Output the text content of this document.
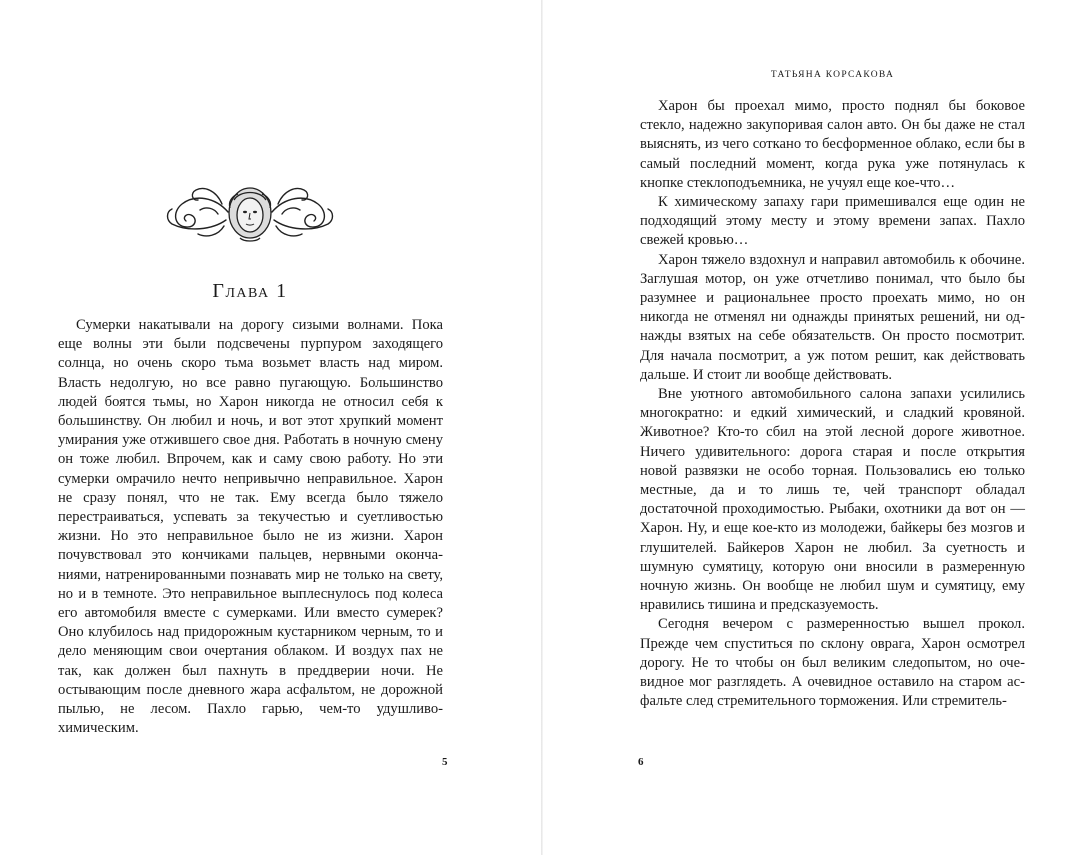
Глава 1

Сумерки накатывали на дорогу сизыми волнами. Пока еще волны эти были подсвечены пурпуром заходящего солнца, но очень скоро тьма возьмет власть над миром. Власть недолгую, но все равно пугающую. Большинство людей боятся тьмы, но Харон никогда не относил себя к большинству. Он любил и ночь, и вот этот хрупкий момент умирания уже отжившего свое дня. Работать в ночную смену он тоже любил. Впрочем, как и саму свою работу. Но эти сумерки омрачило нечто непривычно неправильное. Харон не сразу понял, что не так. Ему всегда было тяжело перестраиваться, успевать за текучестью и суетливостью жизни. Но это неправильное было не из жизни. Харон почувствовал это кончиками пальцев, нервными окончаниями, натренированными познавать мир не только на свету, но и в темноте. Это неправильное выплеснулось под колеса его автомобиля вместе с сумерками. Или вместо сумерек? Оно клубилось над придорожным кустарником черным, то и дело меняющим свои очертания облаком. И воздух пах не так, как должен был пахнуть в преддверии ночи. Не остывающим после дневного жара асфальтом, не дорожной пылью, не лесом. Пахло гарью, чем-то удушливо-химическим.

5
ТАТЬЯНА КОРСАКОВА

Харон бы проехал мимо, просто поднял бы боковое стекло, надежно закупоривая салон авто. Он бы даже не стал выяснять, из чего соткано то бесформенное облако, если бы в самый последний момент, когда рука уже потянулась к кнопке стеклоподъемника, не учуял еще кое-что…

К химическому запаху гари примешивался еще один не подходящий этому месту и этому времени запах. Пахло свежей кровью…

Харон тяжело вздохнул и направил автомобиль к обочине. Заглушая мотор, он уже отчетливо понимал, что было бы разумнее и рациональнее просто проехать мимо, но он никогда не отменял ни однажды принятых решений, ни однажды взятых на себе обязательств. Он просто посмотрит. Для начала посмотрит, а уж потом решит, как действовать дальше. И стоит ли вообще действовать.

Вне уютного автомобильного салона запахи усилились многократно: и едкий химический, и сладкий кровяной. Животное? Кто-то сбил на этой лесной дороге животное. Ничего удивительного: дорога старая и после открытия новой развязки не особо торная. Пользовались ею только местные, да и то лишь те, чей транспорт обладал достаточной проходимостью. Рыбаки, охотники да вот он — Харон. Ну, и еще кое-кто из молодежи, байкеры без мозгов и глушителей. Байкеров Харон не любил. За суетность и шумную сумятицу, которую они вносили в размеренную ночную жизнь. Он вообще не любил шум и сумятицу, ему нравились тишина и предсказуемость.

Сегодня вечером с размеренностью вышел прокол. Прежде чем спуститься по склону оврага, Харон осмотрел дорогу. Не то чтобы он был великим следопытом, но очевидное мог разглядеть. А очевидное оставило на старом асфальте след стремительного торможения. Или стремитель-

6
